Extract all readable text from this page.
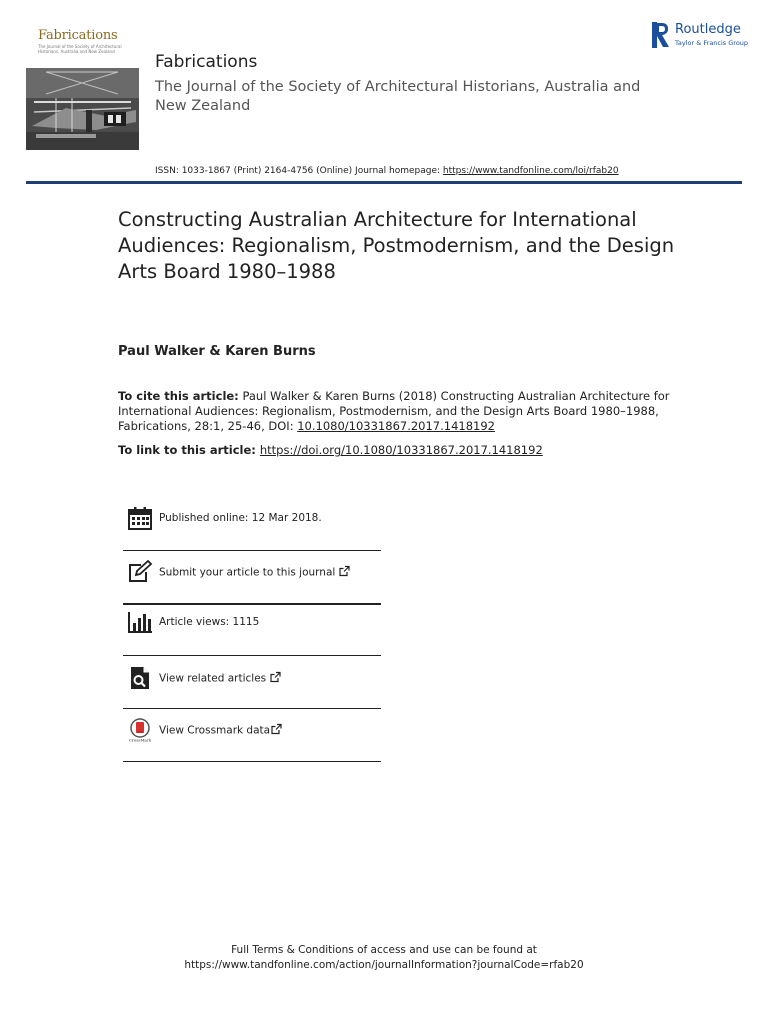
Fabrications
The Journal of the Society of Architectural Historians, Australia and New Zealand
Fabrications
The Journal of the Society of Architectural Historians, Australia and New Zealand
Routledge
Taylor & Francis Group
ISSN: 1033-1867 (Print) 2164-4756 (Online) Journal homepage: https://www.tandfonline.com/loi/rfab20
Constructing Australian Architecture for International Audiences: Regionalism, Postmodernism, and the Design Arts Board 1980–1988
Paul Walker & Karen Burns
To cite this article: Paul Walker & Karen Burns (2018) Constructing Australian Architecture for International Audiences: Regionalism, Postmodernism, and the Design Arts Board 1980–1988, Fabrications, 28:1, 25-46, DOI: 10.1080/10331867.2017.1418192
To link to this article: https://doi.org/10.1080/10331867.2017.1418192
Published online: 12 Mar 2018.
Submit your article to this journal
Article views: 1115
View related articles
CrossMark
View Crossmark data
Full Terms & Conditions of access and use can be found at
https://www.tandfonline.com/action/journalInformation?journalCode=rfab20
